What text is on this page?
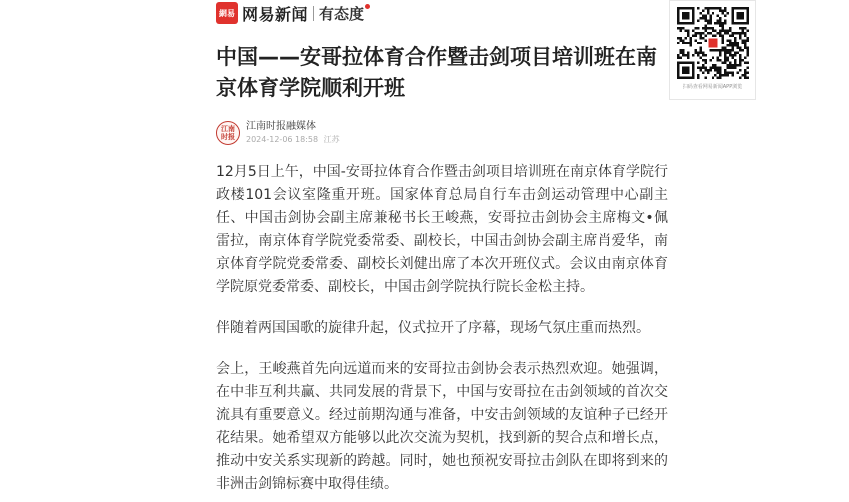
網易 网易新闻 有态度
中国——安哥拉体育合作暨击剑项目培训班在南京体育学院顺利开班
江南时报
江南时报融媒体
2024-12-06 18:58 江苏

12月5日上午，中国-安哥拉体育合作暨击剑项目培训班在南京体育学院行政楼101会议室隆重开班。国家体育总局自行车击剑运动管理中心副主任、中国击剑协会副主席兼秘书长王峻燕，安哥拉击剑协会主席梅文•佩雷拉，南京体育学院党委常委、副校长，中国击剑协会副主席肖爱华，南京体育学院党委常委、副校长刘健出席了本次开班仪式。会议由南京体育学院原党委常委、副校长，中国击剑学院执行院长金松主持。

伴随着两国国歌的旋律升起，仪式拉开了序幕，现场气氛庄重而热烈。

会上，王峻燕首先向远道而来的安哥拉击剑协会表示热烈欢迎。她强调，在中非互利共赢、共同发展的背景下，中国与安哥拉在击剑领域的首次交流具有重要意义。经过前期沟通与准备，中安击剑领域的友谊种子已经开花结果。她希望双方能够以此次交流为契机，找到新的契合点和增长点，推动中安关系实现新的跨越。同时，她也预祝安哥拉击剑队在即将到来的非洲击剑锦标赛中取得佳绩。

扫码查看网易新闻APP浏览
